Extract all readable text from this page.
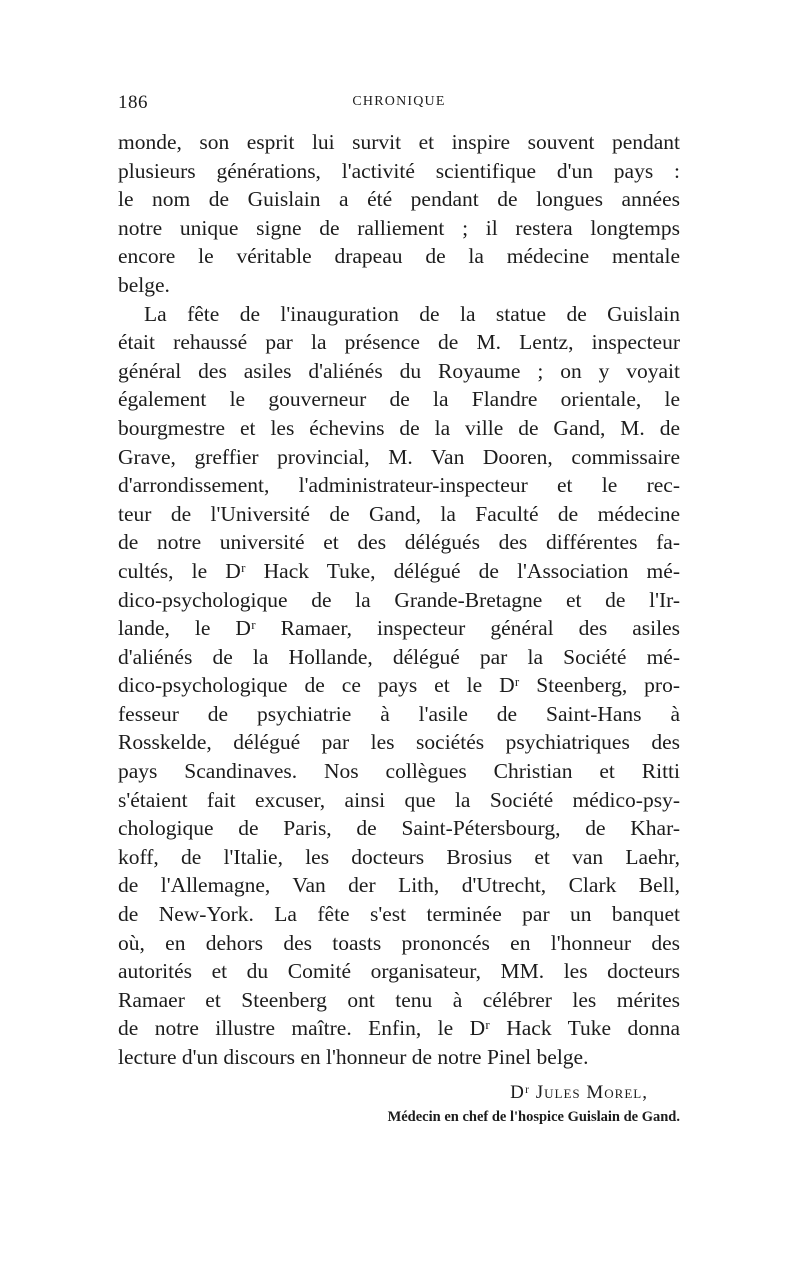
186	CHRONIQUE
monde, son esprit lui survit et inspire souvent pendant
plusieurs générations, l'activité scientifique d'un pays :
le nom de Guislain a été pendant de longues années
notre unique signe de ralliement ; il restera longtemps
encore le véritable drapeau de la médecine mentale
belge.
La fête de l'inauguration de la statue de Guislain
était rehaussé par la présence de M. Lentz, inspecteur
général des asiles d'aliénés du Royaume ; on y voyait
également le gouverneur de la Flandre orientale, le
bourgmestre et les échevins de la ville de Gand, M. de
Grave, greffier provincial, M. Van Dooren, commissaire
d'arrondissement, l'administrateur-inspecteur et le rec-
teur de l'Université de Gand, la Faculté de médecine
de notre université et des délégués des différentes fa-
cultés, le Dʳ Hack Tuke, délégué de l'Association mé-
dico-psychologique de la Grande-Bretagne et de l'Ir-
lande, le Dʳ Ramaer, inspecteur général des asiles
d'aliénés de la Hollande, délégué par la Société mé-
dico-psychologique de ce pays et le Dʳ Steenberg, pro-
fesseur de psychiatrie à l'asile de Saint-Hans à
Rosskelde, délégué par les sociétés psychiatriques des
pays Scandinaves. Nos collègues Christian et Ritti
s'étaient fait excuser, ainsi que la Société médico-psy-
chologique de Paris, de Saint-Pétersbourg, de Khar-
koff, de l'Italie, les docteurs Brosius et van Laehr,
de l'Allemagne, Van der Lith, d'Utrecht, Clark Bell,
de New-York. La fête s'est terminée par un banquet
où, en dehors des toasts prononcés en l'honneur des
autorités et du Comité organisateur, MM. les docteurs
Ramaer et Steenberg ont tenu à célébrer les mérites
de notre illustre maître. Enfin, le Dʳ Hack Tuke donna
lecture d'un discours en l'honneur de notre Pinel belge.
Dʳ Jules Morel,
Médecin en chef de l'hospice Guislain de Gand.
